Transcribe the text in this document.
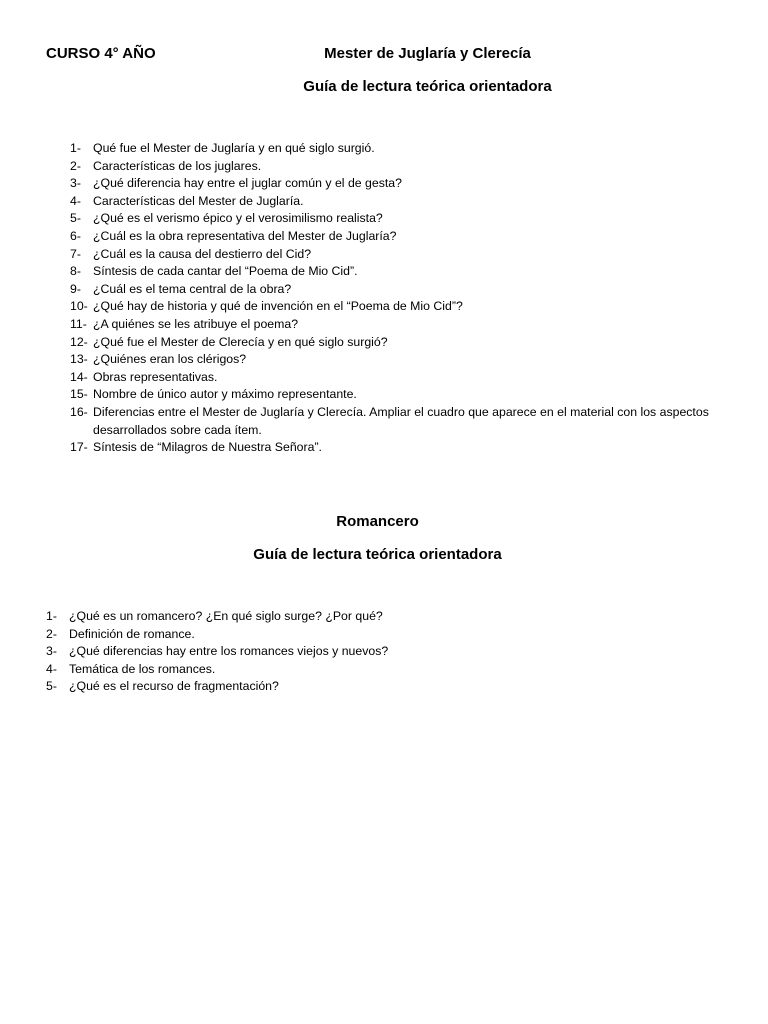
CURSO 4° AÑO	Mester de Juglaría y Clerecía
Guía de lectura teórica orientadora
1- Qué fue el Mester de Juglaría y en qué siglo surgió.
2- Características de los juglares.
3- ¿Qué diferencia hay entre el juglar común y el de gesta?
4- Características del Mester de Juglaría.
5- ¿Qué es el verismo épico y el verosimilismo realista?
6- ¿Cuál es la obra representativa del Mester de Juglaría?
7- ¿Cuál es la causa del destierro del Cid?
8- Síntesis de cada cantar del “Poema de Mio Cid”.
9- ¿Cuál es el tema central de la obra?
10- ¿Qué hay de historia y qué de invención en el “Poema de Mio Cid”?
11- ¿A quiénes se les atribuye el poema?
12- ¿Qué fue el Mester de Clerecía y en qué siglo surgió?
13- ¿Quiénes eran los clérigos?
14- Obras representativas.
15- Nombre de único autor y máximo representante.
16- Diferencias entre el Mester de Juglaría y Clerecía. Ampliar el cuadro que aparece en el material con los aspectos desarrollados sobre cada ítem.
17- Síntesis de “Milagros de Nuestra Señora”.
Romancero
Guía de lectura teórica orientadora
1- ¿Qué es un romancero? ¿En qué siglo surge? ¿Por qué?
2- Definición de romance.
3- ¿Qué diferencias hay entre los romances viejos y nuevos?
4- Temática de los romances.
5- ¿Qué es el recurso de fragmentación?
